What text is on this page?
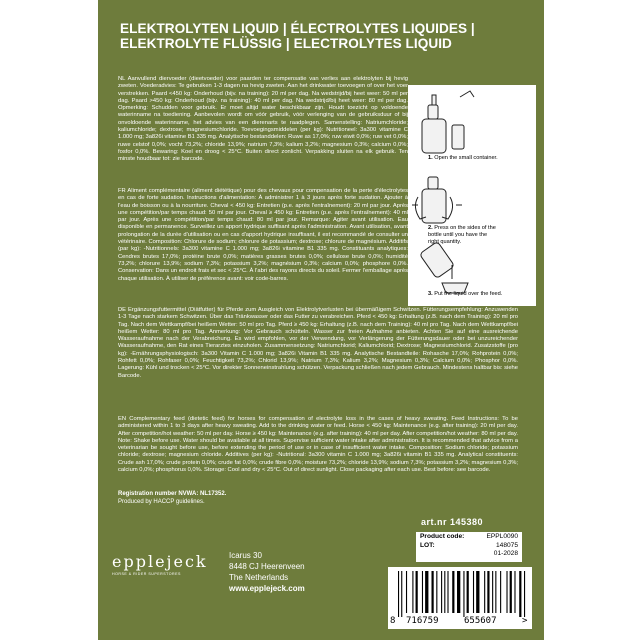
ELEKTROLYTEN LIQUID | ÉLECTROLYTES LIQUIDES |
ELEKTROLYTE FLÜSSIG | ELECTROLYTES LIQUID
NL Aanvullend diervoeder (dieetvoeder) voor paarden ter compensatie van verlies aan elektrolyten bij hevig zweten. Voederadvies: Te gebruiken 1-3 dagen na hevig zweten. Aan het drinkwater toevoegen of over het voer verstrekken. Paard <450 kg: Onderhoud (bijv. na training): 20 ml per dag. Na wedstrijd/bij heet weer: 50 ml per dag. Paard >450 kg: Onderhoud (bijv. na training): 40 ml per dag. Na wedstrijd/bij heet weer: 80 ml per dag. Opmerking: Schudden voor gebruik. Er moet altijd water beschikbaar zijn. Houdt toezicht op voldoende waterinname na toediening. Aanbevolen wordt om vóór gebruik, vóór verlenging van de gebruiksduur of bij onvoldoende waterinname, het advies van een dierenarts te raadplegen. Samenstelling: Natriumchloride; kaliumchloride; dextrose; magnesiumchloride. Toevoegingsmiddelen (per kg): Nutritioneel: 3a300 vitamine C 1.000 mg; 3a826i vitamine B1 335 mg. Analytische bestanddelen: Ruwe as 17,0%; ruw eiwit 0,0%; ruw vet 0,0%; ruwe celstof 0,0%; vocht 73,2%; chloride 13,9%; natrium 7,3%; kalium 3,2%; magnesium 0,3%; calcium 0,0%; fosfor 0,0%. Bewaring: Koel en droog < 25°C. Buiten direct zonlicht. Verpakking sluiten na elk gebruik. Ten minste houdbaar tot: zie barcode.	1. Open the small container.
2. Press on the sides of the bottle until you have the right quantity.
3. Put the liquid over the feed.
FR Aliment complémentaire (aliment diététique) pour des chevaux pour compensation de la perte d'électrolytes en cas de forte sudation. Instructions d'alimentation: À administrer 1 à 3 jours après forte sudation. Ajouter à l'eau de boisson ou à la nourriture. Cheval < 450 kg: Entretien (p.e. après l'entraînement): 20 ml par jour. Après une compétition/par temps chaud: 50 ml par jour. Cheval ≥ 450 kg: Entretien (p.e. après l'entraînement): 40 ml par jour. Après une compétition/par temps chaud: 80 ml par jour. Remarque: Agiter avant utilisation. Eau disponible en permanence. Surveillez un apport hydrique suffisant après l'administration. Avant utilisation, avant prolongation de la durée d'utilisation ou en cas d'apport hydrique insuffisant, il est recommandé de consulter un vétérinaire. Composition: Chlorure de sodium; chlorure de potassium; dextrose; chlorure de magnésium. Additifs (par kg): -Nutritionnels: 3a300 vitamine C 1.000 mg; 3a826i vitamine B1 335 mg. Constituants analytiques: Cendres brutes 17,0%; protéine brute 0,0%; matières grasses brutes 0,0%; cellulose brute 0,0%; humidité 73,2%; chlorure 13,9%; sodium 7,3%; potassium 3,2%; magnésium 0,3%; calcium 0,0%; phosphore 0,0%. Conservation: Dans un endroit frais et sec < 25°C. À l'abri des rayons directs du soleil. Fermer l'emballage après chaque utilisation. À utiliser de préférence avant: voir code-barres.
DE Ergänzungsfuttermittel (Diätfutter) für Pferde zum Ausgleich von Elektrolytverlusten bei übermäßigem Schwitzen. Fütterungsempfehlung: Anzuwenden 1-3 Tage nach starkem Schwitzen. Über das Tränkwasser oder das Futter zu verabreichen. Pferd < 450 kg: Erhaltung (z.B. nach dem Training): 20 ml pro Tag. Nach dem Wettkampf/bei heißem Wetter: 50 ml pro Tag. Pferd ≥ 450 kg: Erhaltung (z.B. nach dem Training): 40 ml pro Tag. Nach dem Wettkampf/bei heißem Wetter: 80 ml pro Tag. Anmerkung: Vor Gebrauch schütteln. Wasser zur freien Aufnahme anbieten. Achten Sie auf eine ausreichende Wasseraufnahme nach der Verabreichung. Es wird empfohlen, vor der Verwendung, vor Verlängerung der Fütterungsdauer oder bei unzureichender Wasseraufnahme, den Rat eines Tierarztes einzuholen. Zusammensetzung: Natriumchlorid; Kaliumchlorid; Dextrose; Magnesiumchlorid. Zusatzstoffe (pro kg): -Ernährungsphysiologisch: 3a300 Vitamin C 1.000 mg; 3a826i Vitamin B1 335 mg. Analytische Bestandteile: Rohasche 17,0%; Rohprotein 0,0%; Rohfett 0,0%; Rohfaser 0,0%; Feuchtigkeit 73,2%; Chlorid 13,9%; Natrium 7,3%; Kalium 3,2%; Magnesium 0,3%; Calcium 0,0%; Phosphor 0,0%. Lagerung: Kühl und trocken < 25°C. Vor direkter Sonneneinstrahlung schützen. Verpackung schließen nach jedem Gebrauch. Mindestens haltbar bis: siehe Barcode.
EN Complementary feed (dietetic feed) for horses for compensation of electrolyte loss in the cases of heavy sweating. Feed Instructions: To be administered within 1 to 3 days after heavy sweating. Add to the drinking water or feed. Horse < 450 kg: Maintenance (e.g. after training): 20 ml per day. After competition/hot weather: 50 ml per day. Horse ≥ 450 kg: Maintenance (e.g. after training): 40 ml per day. After competition/hot weather: 80 ml per day. Note: Shake before use. Water should be available at all times. Supervise sufficient water intake after administration. It is recommended that advice from a veterinarian be sought before use, before extending the period of use or in case of insufficient water intake. Composition: Sodium chloride; potassium chloride; dextrose; magnesium chloride. Additives (per kg): -Nutritional: 3a300 vitamin C 1.000 mg; 3a826i vitamin B1 335 mg. Analytical constituents: Crude ash 17,0%; crude protein 0,0%; crude fat 0,0%; crude fibre 0,0%; moisture 73,2%; chloride 13,9%; sodium 7,3%; potassium 3,2%; magnesium 0,3%; calcium 0,0%; phosphorus 0,0%. Storage: Cool and dry < 25°C. Out of direct sunlight. Close packaging after each use. Best before: see barcode.
Registration number NVWA: NL17352.
Produced by HACCP guidelines.
art.nr 145380
Product code:	EPPL0090
LOT:	148075
01-2028
epplejeck
HORSE & RIDER SUPERSTORES
Icarus 30
8448 CJ Heerenveen
The Netherlands
www.epplejeck.com
8 716759	655607	>
